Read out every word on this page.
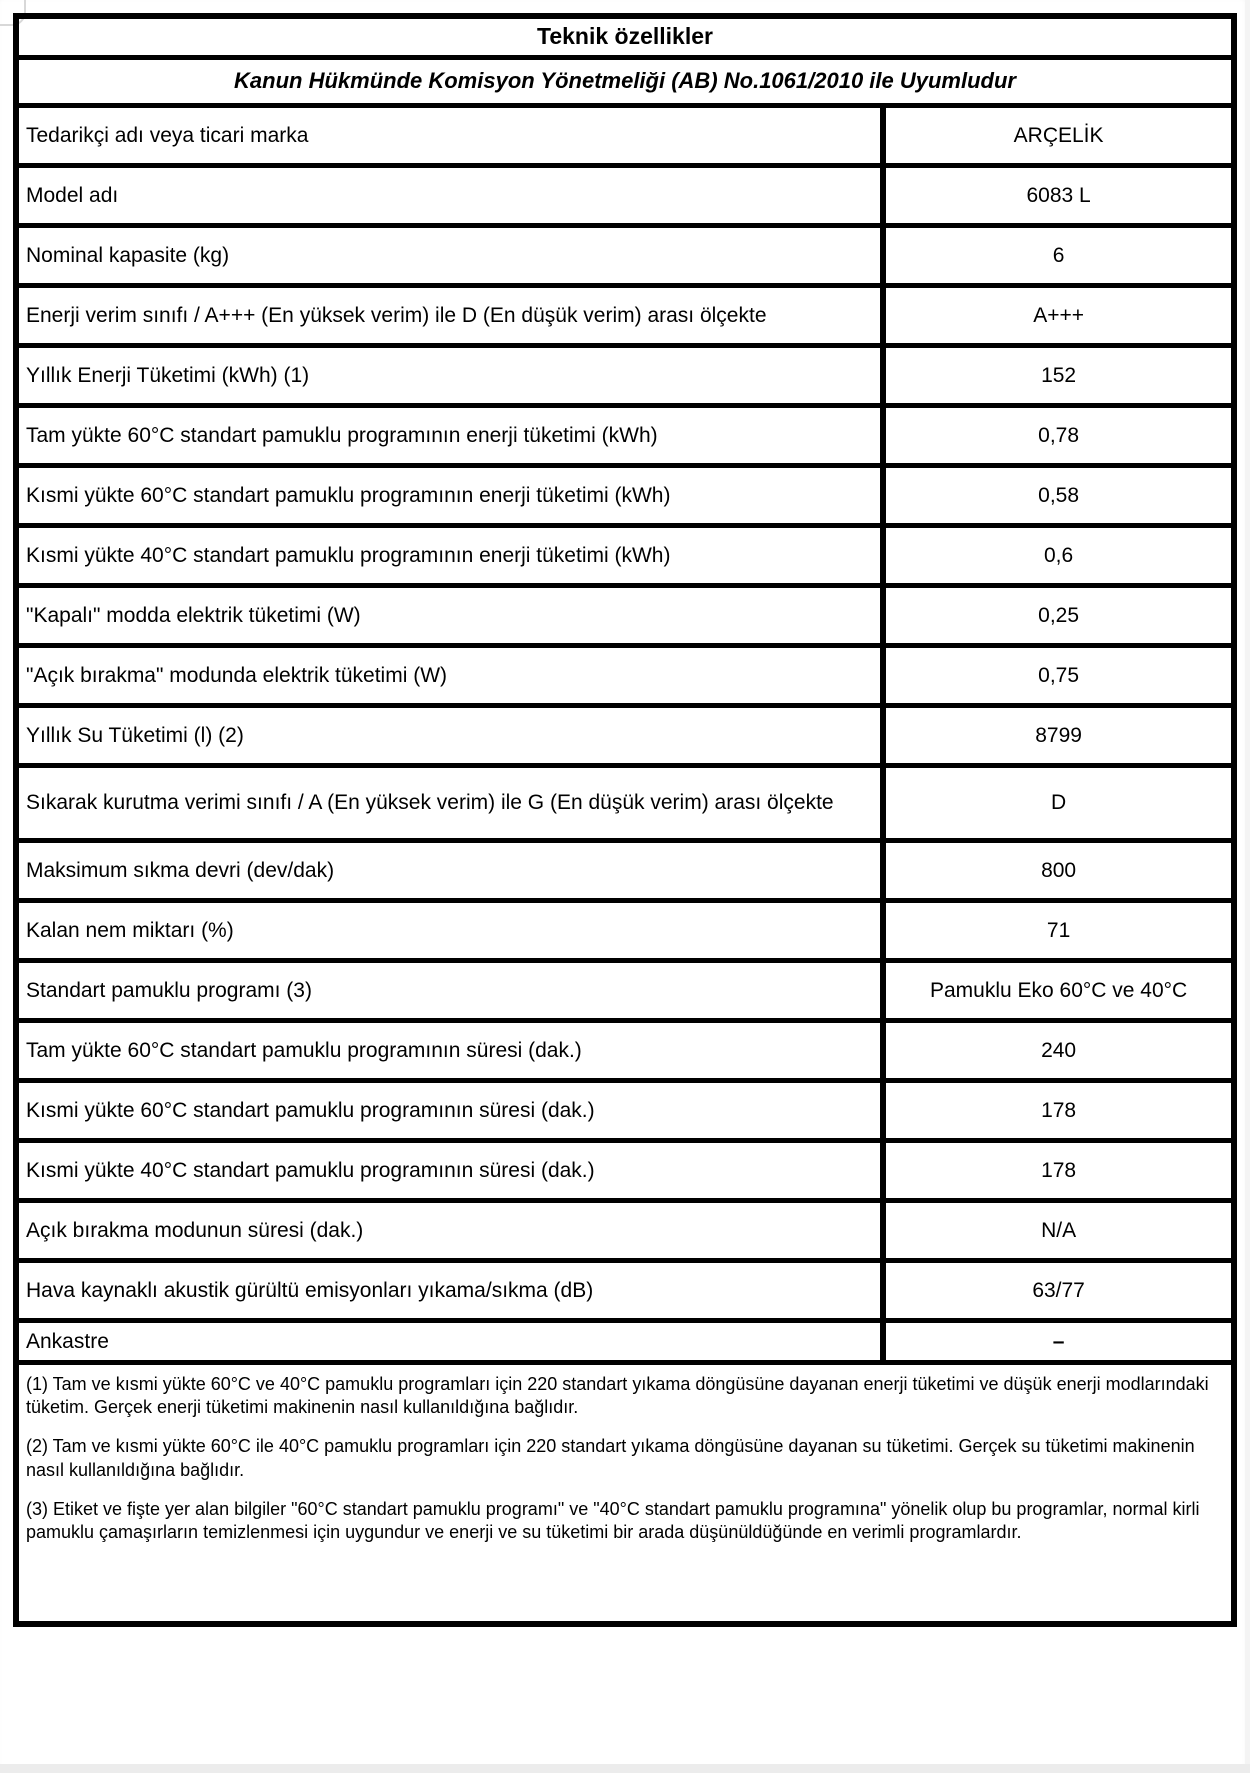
Teknik özellikler	
Kanun Hükmünde Komisyon Yönetmeliği (AB) No.1061/2010 ile Uyumludur	
Tedarikçi adı veya ticari marka	ARÇELİK
Model adı	6083 L
Nominal kapasite (kg)	6
Enerji verim sınıfı / A+++ (En yüksek verim) ile D (En düşük verim) arası ölçekte	A+++
Yıllık Enerji Tüketimi (kWh) (1)	152
Tam yükte 60°C standart pamuklu programının enerji tüketimi (kWh)	0,78
Kısmi yükte 60°C standart pamuklu programının enerji tüketimi (kWh)	0,58
Kısmi yükte 40°C standart pamuklu programının enerji tüketimi (kWh)	0,6
"Kapalı" modda elektrik tüketimi (W)	0,25
"Açık bırakma" modunda elektrik tüketimi (W)	0,75
Yıllık Su Tüketimi (l) (2)	8799
Sıkarak kurutma verimi sınıfı / A (En yüksek verim) ile G (En düşük verim) arası ölçekte	D
Maksimum sıkma devri (dev/dak)	800
Kalan nem miktarı (%)	71
Standart pamuklu programı (3)	Pamuklu Eko 60°C ve 40°C
Tam yükte 60°C standart pamuklu programının süresi (dak.)	240
Kısmi yükte 60°C standart pamuklu programının süresi (dak.)	178
Kısmi yükte 40°C standart pamuklu programının süresi (dak.)	178
Açık bırakma modunun süresi (dak.)	N/A
Hava kaynaklı akustik gürültü emisyonları yıkama/sıkma (dB)	63/77
Ankastre	–

(1) Tam ve kısmi yükte 60°C ve 40°C pamuklu programları için 220 standart yıkama döngüsüne dayanan enerji tüketimi ve düşük enerji modlarındaki tüketim. Gerçek enerji tüketimi makinenin nasıl kullanıldığına bağlıdır.

(2) Tam ve kısmi yükte 60°C ile 40°C pamuklu programları için 220 standart yıkama döngüsüne dayanan su tüketimi. Gerçek su tüketimi makinenin nasıl kullanıldığına bağlıdır.

(3) Etiket ve fişte yer alan bilgiler "60°C standart pamuklu programı" ve "40°C standart pamuklu programına" yönelik olup bu programlar, normal kirli pamuklu çamaşırların temizlenmesi için uygundur ve enerji ve su tüketimi bir arada düşünüldüğünde en verimli programlardır.	
